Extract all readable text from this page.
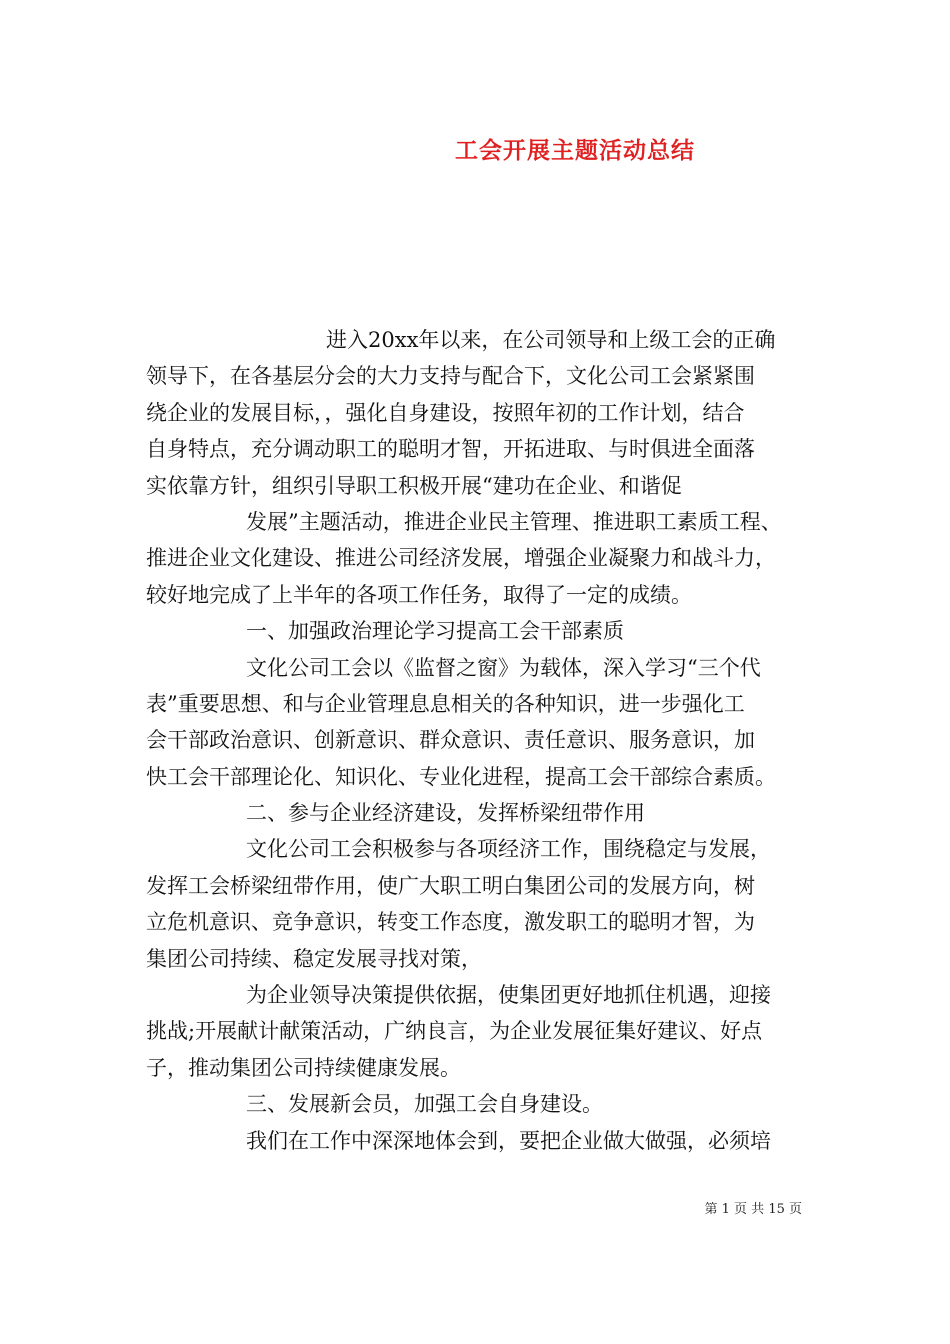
工会开展主题活动总结
进入20xx年以来，在公司领导和上级工会的正确
领导下，在各基层分会的大力支持与配合下，文化公司工会紧紧围
绕企业的发展目标，，强化自身建设，按照年初的工作计划，结合
自身特点，充分调动职工的聪明才智，开拓进取、与时俱进全面落
实依靠方针，组织引导职工积极开展“建功在企业、和谐促
发展”主题活动，推进企业民主管理、推进职工素质工程、
推进企业文化建设、推进公司经济发展，增强企业凝聚力和战斗力，
较好地完成了上半年的各项工作任务，取得了一定的成绩。
一、加强政治理论学习提高工会干部素质
文化公司工会以《监督之窗》为载体，深入学习“三个代
表”重要思想、和与企业管理息息相关的各种知识，进一步强化工
会干部政治意识、创新意识、群众意识、责任意识、服务意识，加
快工会干部理论化、知识化、专业化进程，提高工会干部综合素质。
二、参与企业经济建设，发挥桥梁纽带作用
文化公司工会积极参与各项经济工作，围绕稳定与发展，
发挥工会桥梁纽带作用，使广大职工明白集团公司的发展方向，树
立危机意识、竞争意识，转变工作态度，激发职工的聪明才智，为
集团公司持续、稳定发展寻找对策，
为企业领导决策提供依据，使集团更好地抓住机遇，迎接
挑战;开展献计献策活动，广纳良言，为企业发展征集好建议、好点
子，推动集团公司持续健康发展。
三、发展新会员，加强工会自身建设。
我们在工作中深深地体会到，要把企业做大做强，必须培
第 1 页 共 15 页
